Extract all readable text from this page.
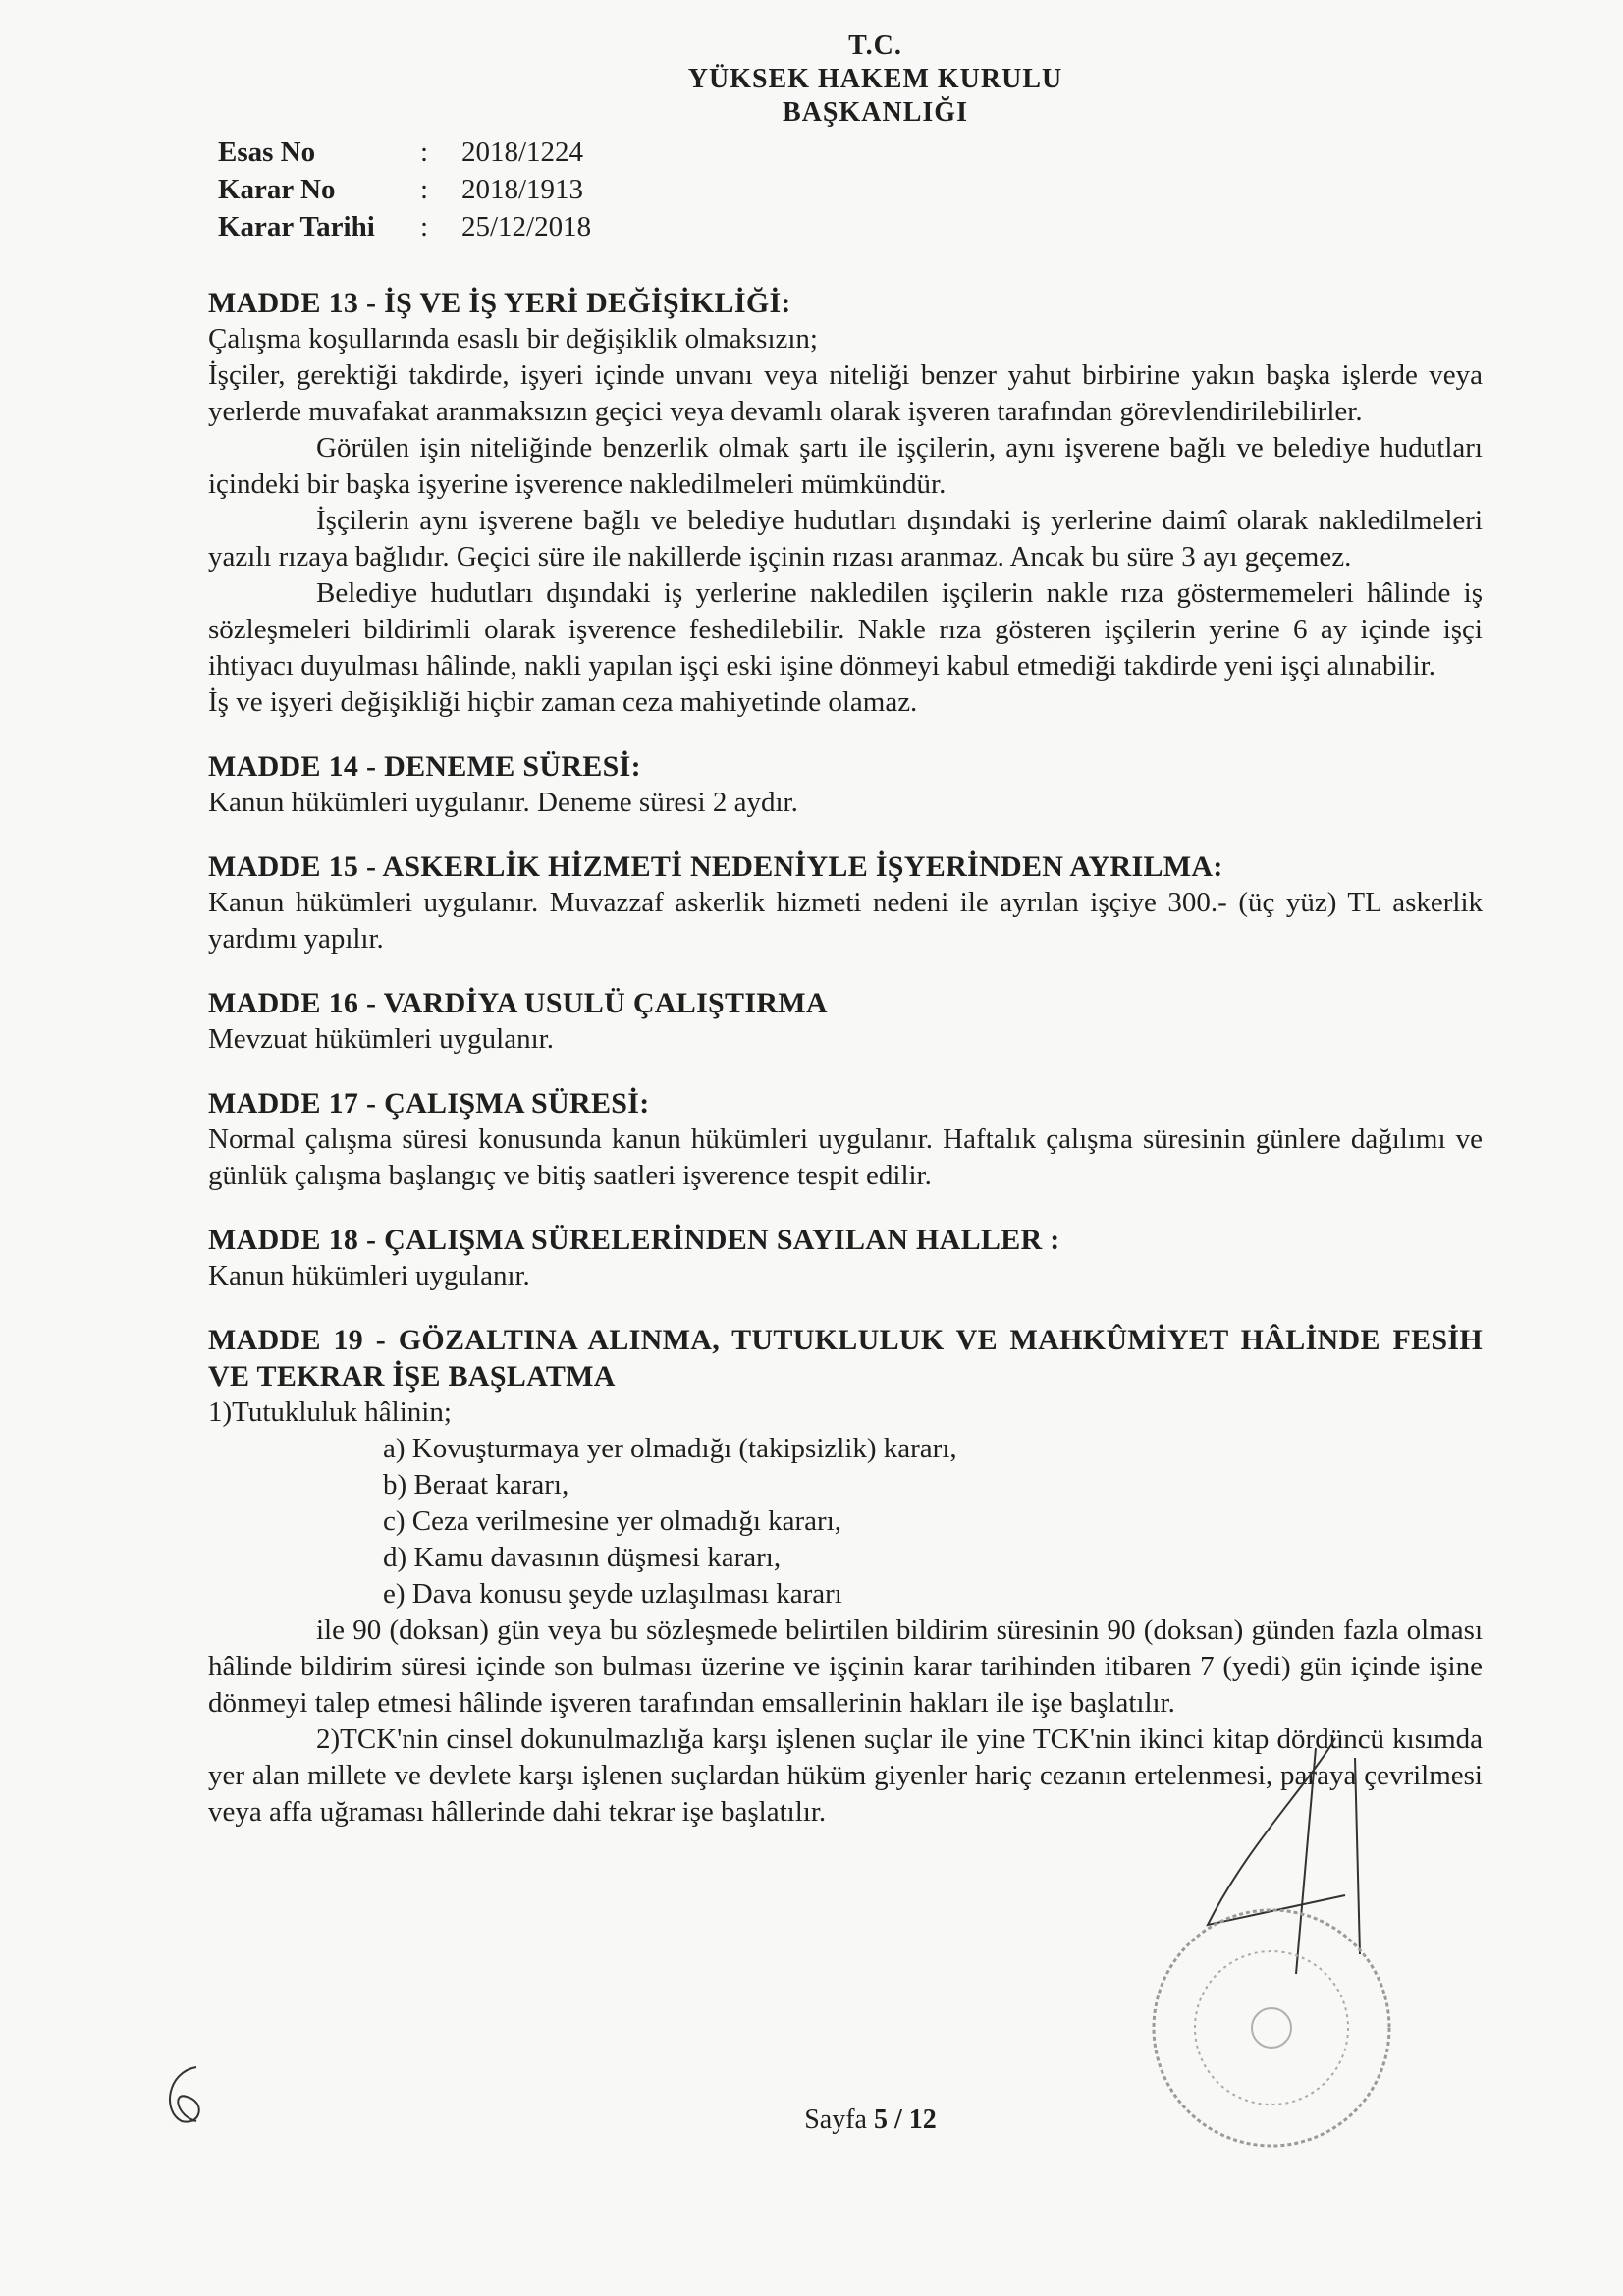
T.C.
YÜKSEK HAKEM KURULU
BAŞKANLIĞI
Esas No	:	2018/1224
Karar No	:	2018/1913
Karar Tarihi	:	25/12/2018
MADDE 13 - İŞ VE İŞ YERİ DEĞİŞİKLİĞİ:
Çalışma koşullarında esaslı bir değişiklik olmaksızın;
İşçiler, gerektiği takdirde, işyeri içinde unvanı veya niteliği benzer yahut birbirine yakın başka işlerde veya yerlerde muvafakat aranmaksızın geçici veya devamlı olarak işveren tarafından görevlendirilebilirler.
Görülen işin niteliğinde benzerlik olmak şartı ile işçilerin, aynı işverene bağlı ve belediye hudutları içindeki bir başka işyerine işverence nakledilmeleri mümkündür.
İşçilerin aynı işverene bağlı ve belediye hudutları dışındaki iş yerlerine daimî olarak nakledilmeleri yazılı rızaya bağlıdır. Geçici süre ile nakillerde işçinin rızası aranmaz. Ancak bu süre 3 ayı geçemez.
Belediye hudutları dışındaki iş yerlerine nakledilen işçilerin nakle rıza göstermemeleri hâlinde iş sözleşmeleri bildirimli olarak işverence feshedilebilir. Nakle rıza gösteren işçilerin yerine 6 ay içinde işçi ihtiyacı duyulması hâlinde, nakli yapılan işçi eski işine dönmeyi kabul etmediği takdirde yeni işçi alınabilir.
İş ve işyeri değişikliği hiçbir zaman ceza mahiyetinde olamaz.
MADDE 14 - DENEME SÜRESİ:
Kanun hükümleri uygulanır. Deneme süresi 2 aydır.
MADDE 15 - ASKERLİK HİZMETİ NEDENİYLE İŞYERİNDEN AYRILMA:
Kanun hükümleri uygulanır. Muvazzaf askerlik hizmeti nedeni ile ayrılan işçiye 300.- (üç yüz) TL askerlik yardımı yapılır.
MADDE 16 - VARDİYA USULÜ ÇALIŞTIRMA
Mevzuat hükümleri uygulanır.
MADDE 17 - ÇALIŞMA SÜRESİ:
Normal çalışma süresi konusunda kanun hükümleri uygulanır. Haftalık çalışma süresinin günlere dağılımı ve günlük çalışma başlangıç ve bitiş saatleri işverence tespit edilir.
MADDE 18 - ÇALIŞMA SÜRELERİNDEN SAYILAN HALLER :
Kanun hükümleri uygulanır.
MADDE 19 - GÖZALTINA ALINMA, TUTUKLULUK VE MAHKÛMİYET HÂLİNDE FESİH VE TEKRAR İŞE BAŞLATMA
1)Tutukluluk hâlinin;
a) Kovuşturmaya yer olmadığı (takipsizlik) kararı,
b) Beraat kararı,
c) Ceza verilmesine yer olmadığı kararı,
d) Kamu davasının düşmesi kararı,
e) Dava konusu şeyde uzlaşılması kararı
ile 90 (doksan) gün veya bu sözleşmede belirtilen bildirim süresinin 90 (doksan) günden fazla olması hâlinde bildirim süresi içinde son bulması üzerine ve işçinin karar tarihinden itibaren 7 (yedi) gün içinde işine dönmeyi talep etmesi hâlinde işveren tarafından emsallerinin hakları ile işe başlatılır.
2)TCK'nin cinsel dokunulmazlığa karşı işlenen suçlar ile yine TCK'nin ikinci kitap dördüncü kısımda yer alan millete ve devlete karşı işlenen suçlardan hüküm giyenler hariç cezanın ertelenmesi, paraya çevrilmesi veya affa uğraması hâllerinde dahi tekrar işe başlatılır.
Sayfa 5 / 12
